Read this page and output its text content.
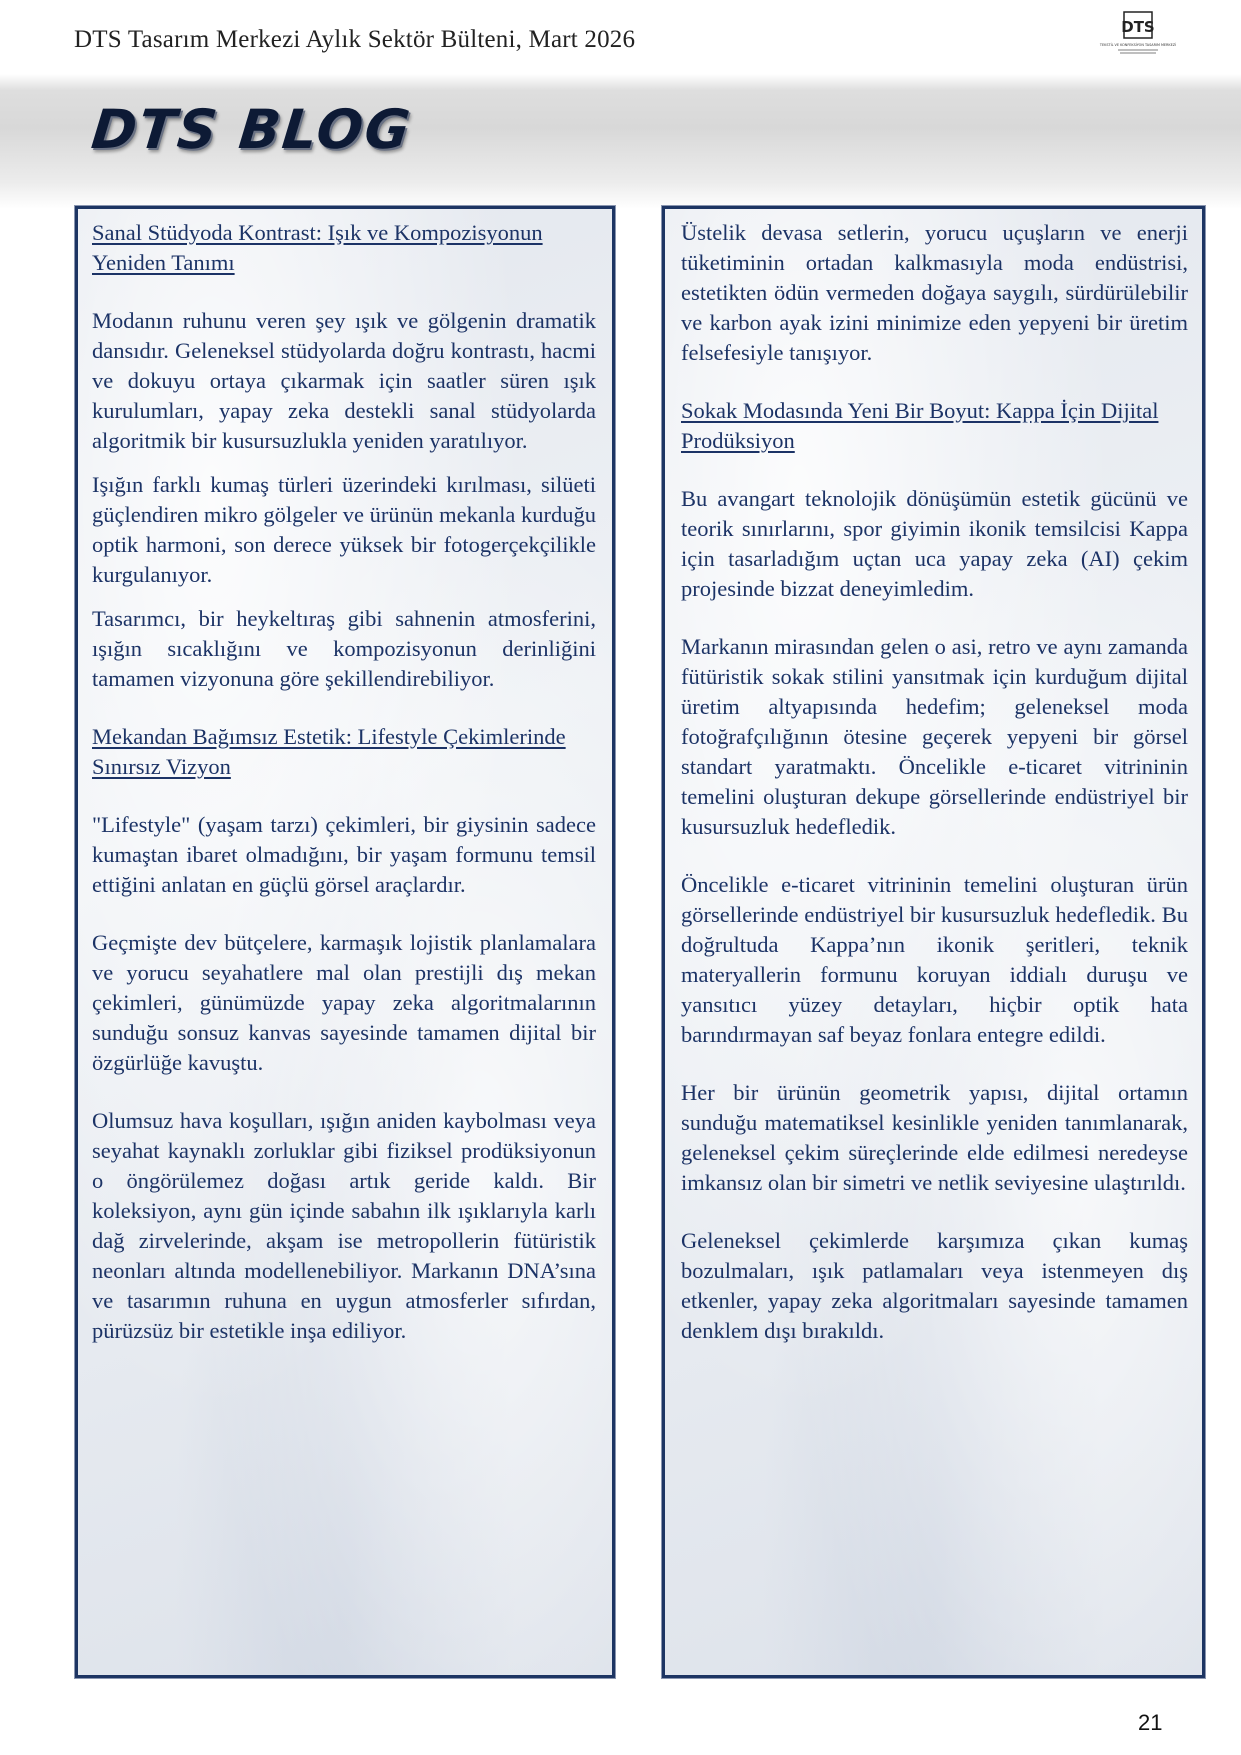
DTS Tasarım Merkezi Aylık Sektör Bülteni, Mart 2026	DTS
TEKSTİL VE KONFEKSİYON TASARIM MERKEZİ
DTS BLOG

Sanal Stüdyoda Kontrast: Işık ve Kompozisyonun Yeniden Tanımı

Modanın ruhunu veren şey ışık ve gölgenin dramatik dansıdır. Geleneksel stüdyolarda doğru kontrastı, hacmi ve dokuyu ortaya çıkarmak için saatler süren ışık kurulumları, yapay zeka destekli sanal stüdyolarda algoritmik bir kusursuzlukla yeniden yaratılıyor.

Işığın farklı kumaş türleri üzerindeki kırılması, silüeti güçlendiren mikro gölgeler ve ürünün mekanla kurduğu optik harmoni, son derece yüksek bir fotogerçekçilikle kurgulanıyor.

Tasarımcı, bir heykeltıraş gibi sahnenin atmosferini, ışığın sıcaklığını ve kompozisyonun derinliğini tamamen vizyonuna göre şekillendirebiliyor.

Mekandan Bağımsız Estetik: Lifestyle Çekimlerinde Sınırsız Vizyon

"Lifestyle" (yaşam tarzı) çekimleri, bir giysinin sadece kumaştan ibaret olmadığını, bir yaşam formunu temsil ettiğini anlatan en güçlü görsel araçlardır.

Geçmişte dev bütçelere, karmaşık lojistik planlamalara ve yorucu seyahatlere mal olan prestijli dış mekan çekimleri, günümüzde yapay zeka algoritmalarının sunduğu sonsuz kanvas sayesinde tamamen dijital bir özgürlüğe kavuştu.

Olumsuz hava koşulları, ışığın aniden kaybolması veya seyahat kaynaklı zorluklar gibi fiziksel prodüksiyonun o öngörülemez doğası artık geride kaldı. Bir koleksiyon, aynı gün içinde sabahın ilk ışıklarıyla karlı dağ zirvelerinde, akşam ise metropollerin fütüristik neonları altında modellenebiliyor. Markanın DNA’sına ve tasarımın ruhuna en uygun atmosferler sıfırdan, pürüzsüz bir estetikle inşa ediliyor.

Üstelik devasa setlerin, yorucu uçuşların ve enerji tüketiminin ortadan kalkmasıyla moda endüstrisi, estetikten ödün vermeden doğaya saygılı, sürdürülebilir ve karbon ayak izini minimize eden yepyeni bir üretim felsefesiyle tanışıyor.

Sokak Modasında Yeni Bir Boyut: Kappa İçin Dijital Prodüksiyon

Bu avangart teknolojik dönüşümün estetik gücünü ve teorik sınırlarını, spor giyimin ikonik temsilcisi Kappa için tasarladığım uçtan uca yapay zeka (AI) çekim projesinde bizzat deneyimledim.

Markanın mirasından gelen o asi, retro ve aynı zamanda fütüristik sokak stilini yansıtmak için kurduğum dijital üretim altyapısında hedefim; geleneksel moda fotoğrafçılığının ötesine geçerek yepyeni bir görsel standart yaratmaktı. Öncelikle e-ticaret vitrininin temelini oluşturan dekupe görsellerinde endüstriyel bir kusursuzluk hedefledik.

Öncelikle e-ticaret vitrininin temelini oluşturan ürün görsellerinde endüstriyel bir kusursuzluk hedefledik. Bu doğrultuda Kappa’nın ikonik şeritleri, teknik materyallerin formunu koruyan iddialı duruşu ve yansıtıcı yüzey detayları, hiçbir optik hata barındırmayan saf beyaz fonlara entegre edildi.

Her bir ürünün geometrik yapısı, dijital ortamın sunduğu matematiksel kesinlikle yeniden tanımlanarak, geleneksel çekim süreçlerinde elde edilmesi neredeyse imkansız olan bir simetri ve netlik seviyesine ulaştırıldı.

Geleneksel çekimlerde karşımıza çıkan kumaş bozulmaları, ışık patlamaları veya istenmeyen dış etkenler, yapay zeka algoritmaları sayesinde tamamen denklem dışı bırakıldı.

21
